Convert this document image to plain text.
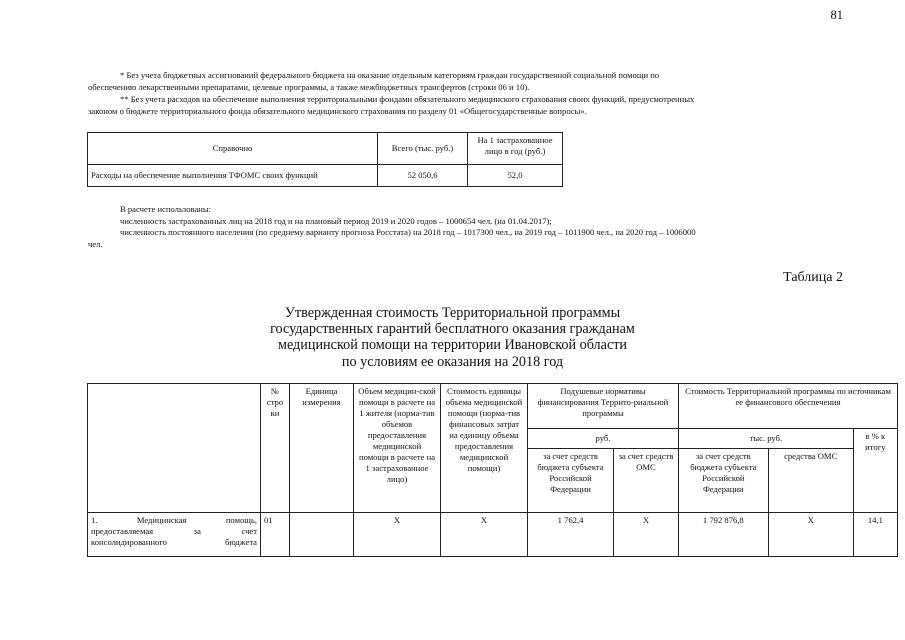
81
* Без учета бюджетных ассигнований федерального бюджета на оказание отдельным категориям граждан государственной социальной помощи по
обеспечению лекарственными препаратами, целевые программы, а также межбюджетных трансфертов (строки 06 и 10).
** Без учета расходов на обеспечение выполнения территориальными фондами обязательного медицинского страхования своих функций, предусмотренных
законом о бюджете территориального фонда обязательного медицинского страхования по разделу 01 «Общегосударственные вопросы».
Справочно	Всего (тыс. руб.)	На 1 застрахованное лицо в год (руб.)
Расходы на обеспечение выполнения ТФОМС своих функций	52 050,6	52,0
В расчете использованы:
численность застрахованных лиц на 2018 год и на плановый период 2019 и 2020 годов – 1000654 чел. (на 01.04.2017);
численность постоянного населения (по среднему варианту прогноза Росстата) на 2018 год – 1017300 чел., на 2019 год – 1011900 чел., на 2020 год – 1006000
чел.
Таблица 2
Утвержденная стоимость Территориальной программы
государственных гарантий бесплатного оказания гражданам
медицинской помощи на территории Ивановской области
по условиям ее оказания на 2018 год
	№ стро ки	Единица измерения	Объем медицин-ской помощи в расчете на 1 жителя (норма-тив объемов предоставления медицинской помощи в расчете на 1 застрахованное лицо)	Стоимость единицы объема медицинской помощи (норма-тив финансовых затрат на единицу объема предоставления медицинской помощи)	Подушевые нормативы финансирования Террито-риальной программы		Стоимость Территориальной программы по источникам ее финансового обеспечения		
					руб.		тыс. руб.		в % к итогу
					за счет средств бюджета субъекта Российской Федерации	за счет средств ОМС	за счет средств бюджета субъекта Российской Федерации	средства ОМС	

1. Медицинская помощь,
предоставляемая за счет
консолидированного бюджета	01		X	X	1 762,4	X	1 792 876,8	X	14,1
